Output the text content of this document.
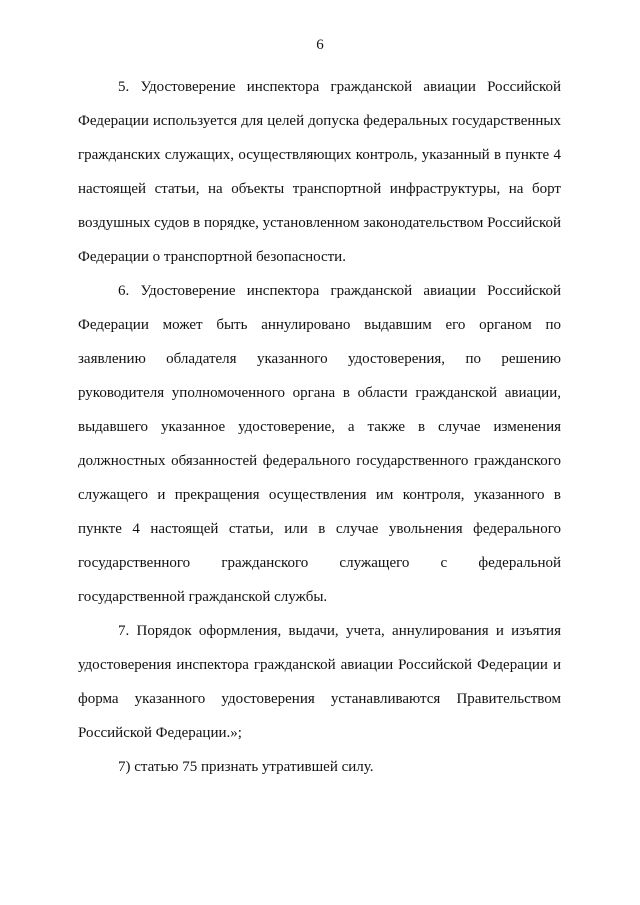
6

5. Удостоверение инспектора гражданской авиации Российской Федерации используется для целей допуска федеральных государственных гражданских служащих, осуществляющих контроль, указанный в пункте 4 настоящей статьи, на объекты транспортной инфраструктуры, на борт воздушных судов в порядке, установленном законодательством Российской Федерации о транспортной безопасности.

6. Удостоверение инспектора гражданской авиации Российской Федерации может быть аннулировано выдавшим его органом по заявлению обладателя указанного удостоверения, по решению руководителя уполномоченного органа в области гражданской авиации, выдавшего указанное удостоверение, а также в случае изменения должностных обязанностей федерального государственного гражданского служащего и прекращения осуществления им контроля, указанного в пункте 4 настоящей статьи, или в случае увольнения федерального государственного гражданского служащего с федеральной государственной гражданской службы.

7. Порядок оформления, выдачи, учета, аннулирования и изъятия удостоверения инспектора гражданской авиации Российской Федерации и форма указанного удостоверения устанавливаются Правительством Российской Федерации.»;

7) статью 75 признать утратившей силу.
